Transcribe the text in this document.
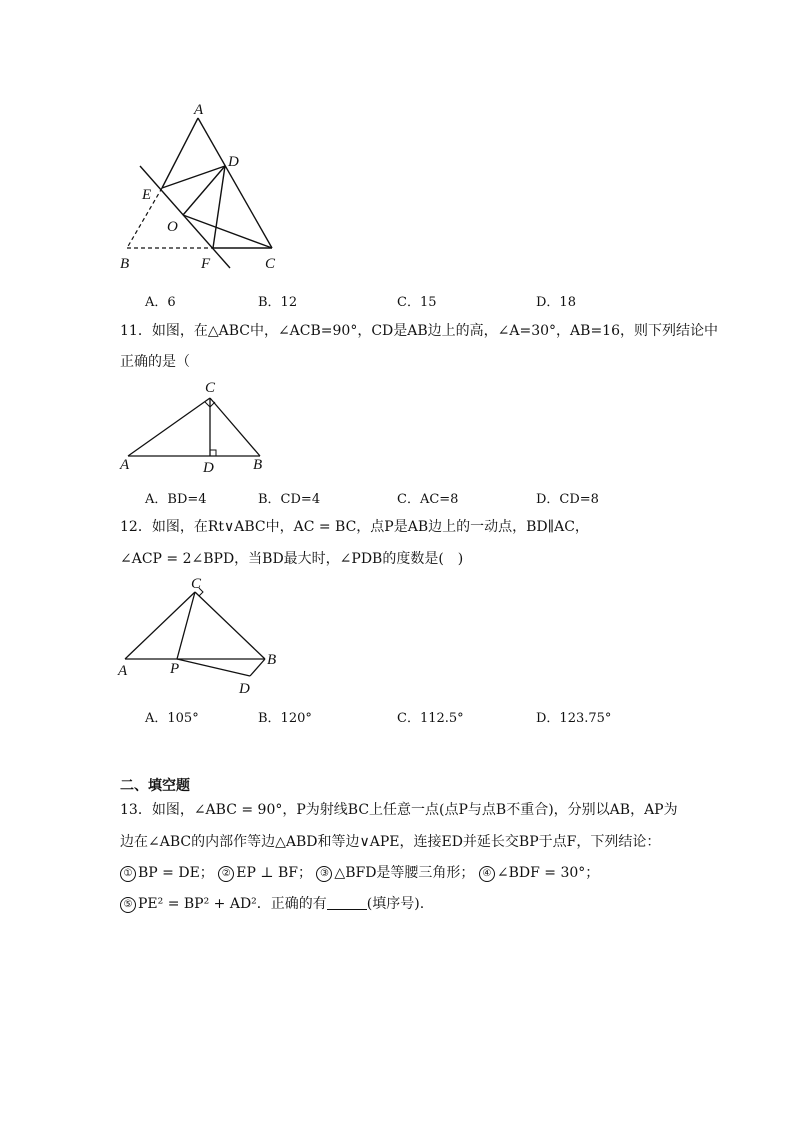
A
D
E
O
B	F	C
A．6	B．12	C．15	D．18
11．如图，在△ABC中，∠ACB=90°，CD是AB边上的高，∠A=30°，AB=16，则下列结论中
正确的是（
C
A	D	B
A．BD=4	B．CD=4	C．AC=8	D．CD=8
12．如图，在Rt∨ABC中，AC = BC，点P是AB边上的一动点，BD∥AC，
∠ACP = 2∠BPD，当BD最大时，∠PDB的度数是(　)
C
A	P
B
D
A．105°	B．120°	C．112.5°	D．123.75°
二、填空题
13．如图，∠ABC = 90°，P为射线BC上任意一点(点P与点B不重合)，分别以AB，AP为
边在∠ABC的内部作等边△ABD和等边∨APE，连接ED并延长交BP于点F，下列结论：
① BP = DE； ② EP ⊥ BF； ③ △BFD是等腰三角形； ④ ∠BDF = 30°；
⑤ PE² = BP² + AD²．正确的有	(填序号).
